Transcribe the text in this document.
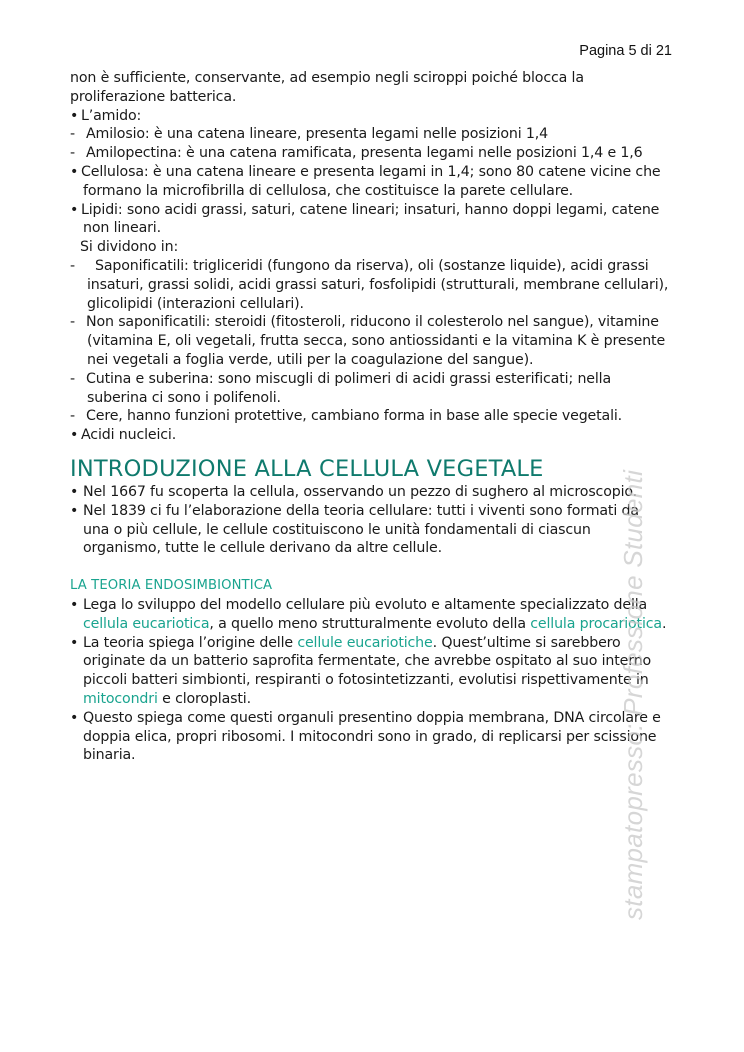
Pagina 5 di 21
non è sufficiente, conservante, ad esempio negli sciroppi poiché blocca la
proliferazione batterica.
• L’amido:
- Amilosio: è una catena lineare, presenta legami nelle posizioni 1,4
- Amilopectina: è una catena ramificata, presenta legami nelle posizioni 1,4 e 1,6
• Cellulosa: è una catena lineare e presenta legami in 1,4; sono 80 catene vicine che
formano la microfibrilla di cellulosa, che costituisce la parete cellulare.
• Lipidi: sono acidi grassi, saturi, catene lineari; insaturi, hanno doppi legami, catene
non lineari.
Si dividono in:
- Saponificatili: trigliceridi (fungono da riserva), oli (sostanze liquide), acidi grassi
insaturi, grassi solidi, acidi grassi saturi, fosfolipidi (strutturali, membrane cellulari),
glicolipidi (interazioni cellulari).
- Non saponificatili: steroidi (fitosteroli, riducono il colesterolo nel sangue), vitamine
(vitamina E, oli vegetali, frutta secca, sono antiossidanti e la vitamina K è presente
nei vegetali a foglia verde, utili per la coagulazione del sangue).
- Cutina e suberina: sono miscugli di polimeri di acidi grassi esterificati; nella
suberina ci sono i polifenoli.
- Cere, hanno funzioni protettive, cambiano forma in base alle specie vegetali.
• Acidi nucleici.
INTRODUZIONE ALLA CELLULA VEGETALE
• Nel 1667 fu scoperta la cellula, osservando un pezzo di sughero al microscopio.
• Nel 1839 ci fu l’elaborazione della teoria cellulare: tutti i viventi sono formati da
una o più cellule, le cellule costituiscono le unità fondamentali di ciascun
organismo, tutte le cellule derivano da altre cellule.
LA TEORIA ENDOSIMBIONTICA
• Lega lo sviluppo del modello cellulare più evoluto e altamente specializzato della
cellula eucariotica, a quello meno strutturalmente evoluto della cellula procariotica.
• La teoria spiega l’origine delle cellule eucariotiche. Quest’ultime si sarebbero
originate da un batterio saprofita fermentate, che avrebbe ospitato al suo interno
piccoli batteri simbionti, respiranti o fotosintetizzanti, evolutisi rispettivamente in
mitocondri e cloroplasti.
• Questo spiega come questi organuli presentino doppia membrana, DNA circolare e
doppia elica, propri ribosomi. I mitocondri sono in grado, di replicarsi per scissione
binaria.	stampatopresso: Professione Studenti
